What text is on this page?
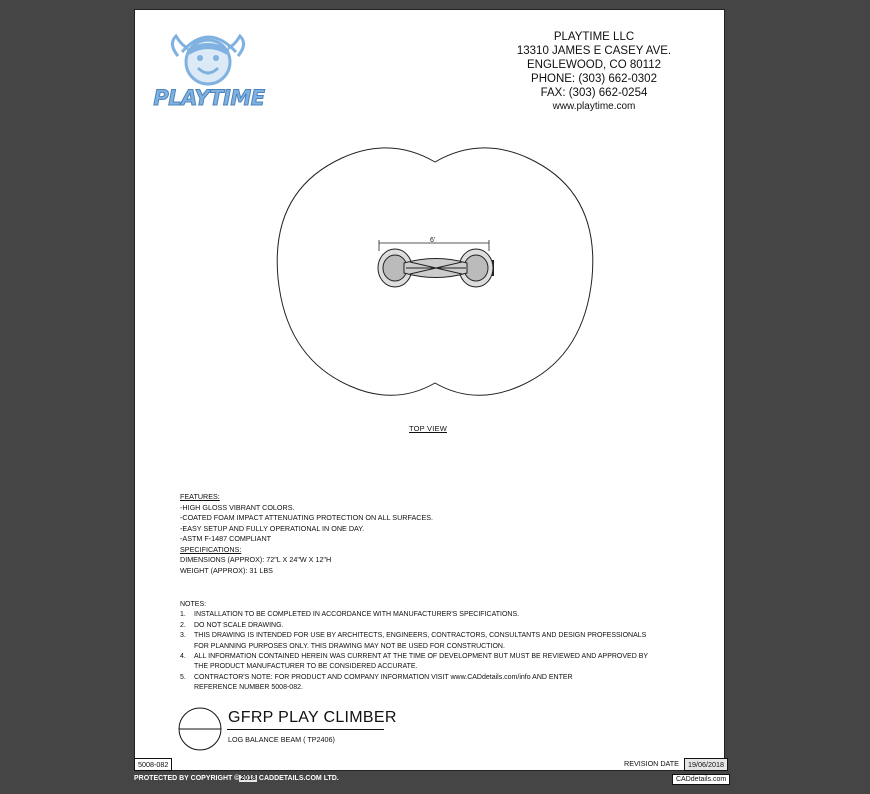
PLAYTIME
PLAYTIME LLC
13310 JAMES E CASEY AVE.
ENGLEWOOD, CO 80112
PHONE: (303) 662-0302
FAX: (303) 662-0254
www.playtime.com
6'
TOP VIEW
FEATURES:
-HIGH GLOSS VIBRANT COLORS.
-COATED FOAM IMPACT ATTENUATING PROTECTION ON ALL SURFACES.
-EASY SETUP AND FULLY OPERATIONAL IN ONE DAY.
-ASTM F-1487 COMPLIANT
SPECIFICATIONS:
DIMENSIONS (APPROX): 72"L X 24"W X 12"H
WEIGHT (APPROX): 31 LBS
NOTES:
1.	INSTALLATION TO BE COMPLETED IN ACCORDANCE WITH MANUFACTURER'S SPECIFICATIONS.
2.	DO NOT SCALE DRAWING.
3.	THIS DRAWING IS INTENDED FOR USE BY ARCHITECTS, ENGINEERS, CONTRACTORS, CONSULTANTS AND DESIGN PROFESSIONALS
FOR PLANNING PURPOSES ONLY. THIS DRAWING MAY NOT BE USED FOR CONSTRUCTION.
4.	ALL INFORMATION CONTAINED HEREIN WAS CURRENT AT THE TIME OF DEVELOPMENT BUT MUST BE REVIEWED AND APPROVED BY
THE PRODUCT MANUFACTURER TO BE CONSIDERED ACCURATE.
5.	CONTRACTOR'S NOTE: FOR PRODUCT AND COMPANY INFORMATION VISIT www.CADdetails.com/info AND ENTER
REFERENCE NUMBER 5008-082.
GFRP PLAY CLIMBER
LOG BALANCE BEAM ( TP2406)
5008-082	REVISION DATE	19/06/2018
PROTECTED BY COPYRIGHT ©2018 CADDETAILS.COM LTD.	CADdetails.com
